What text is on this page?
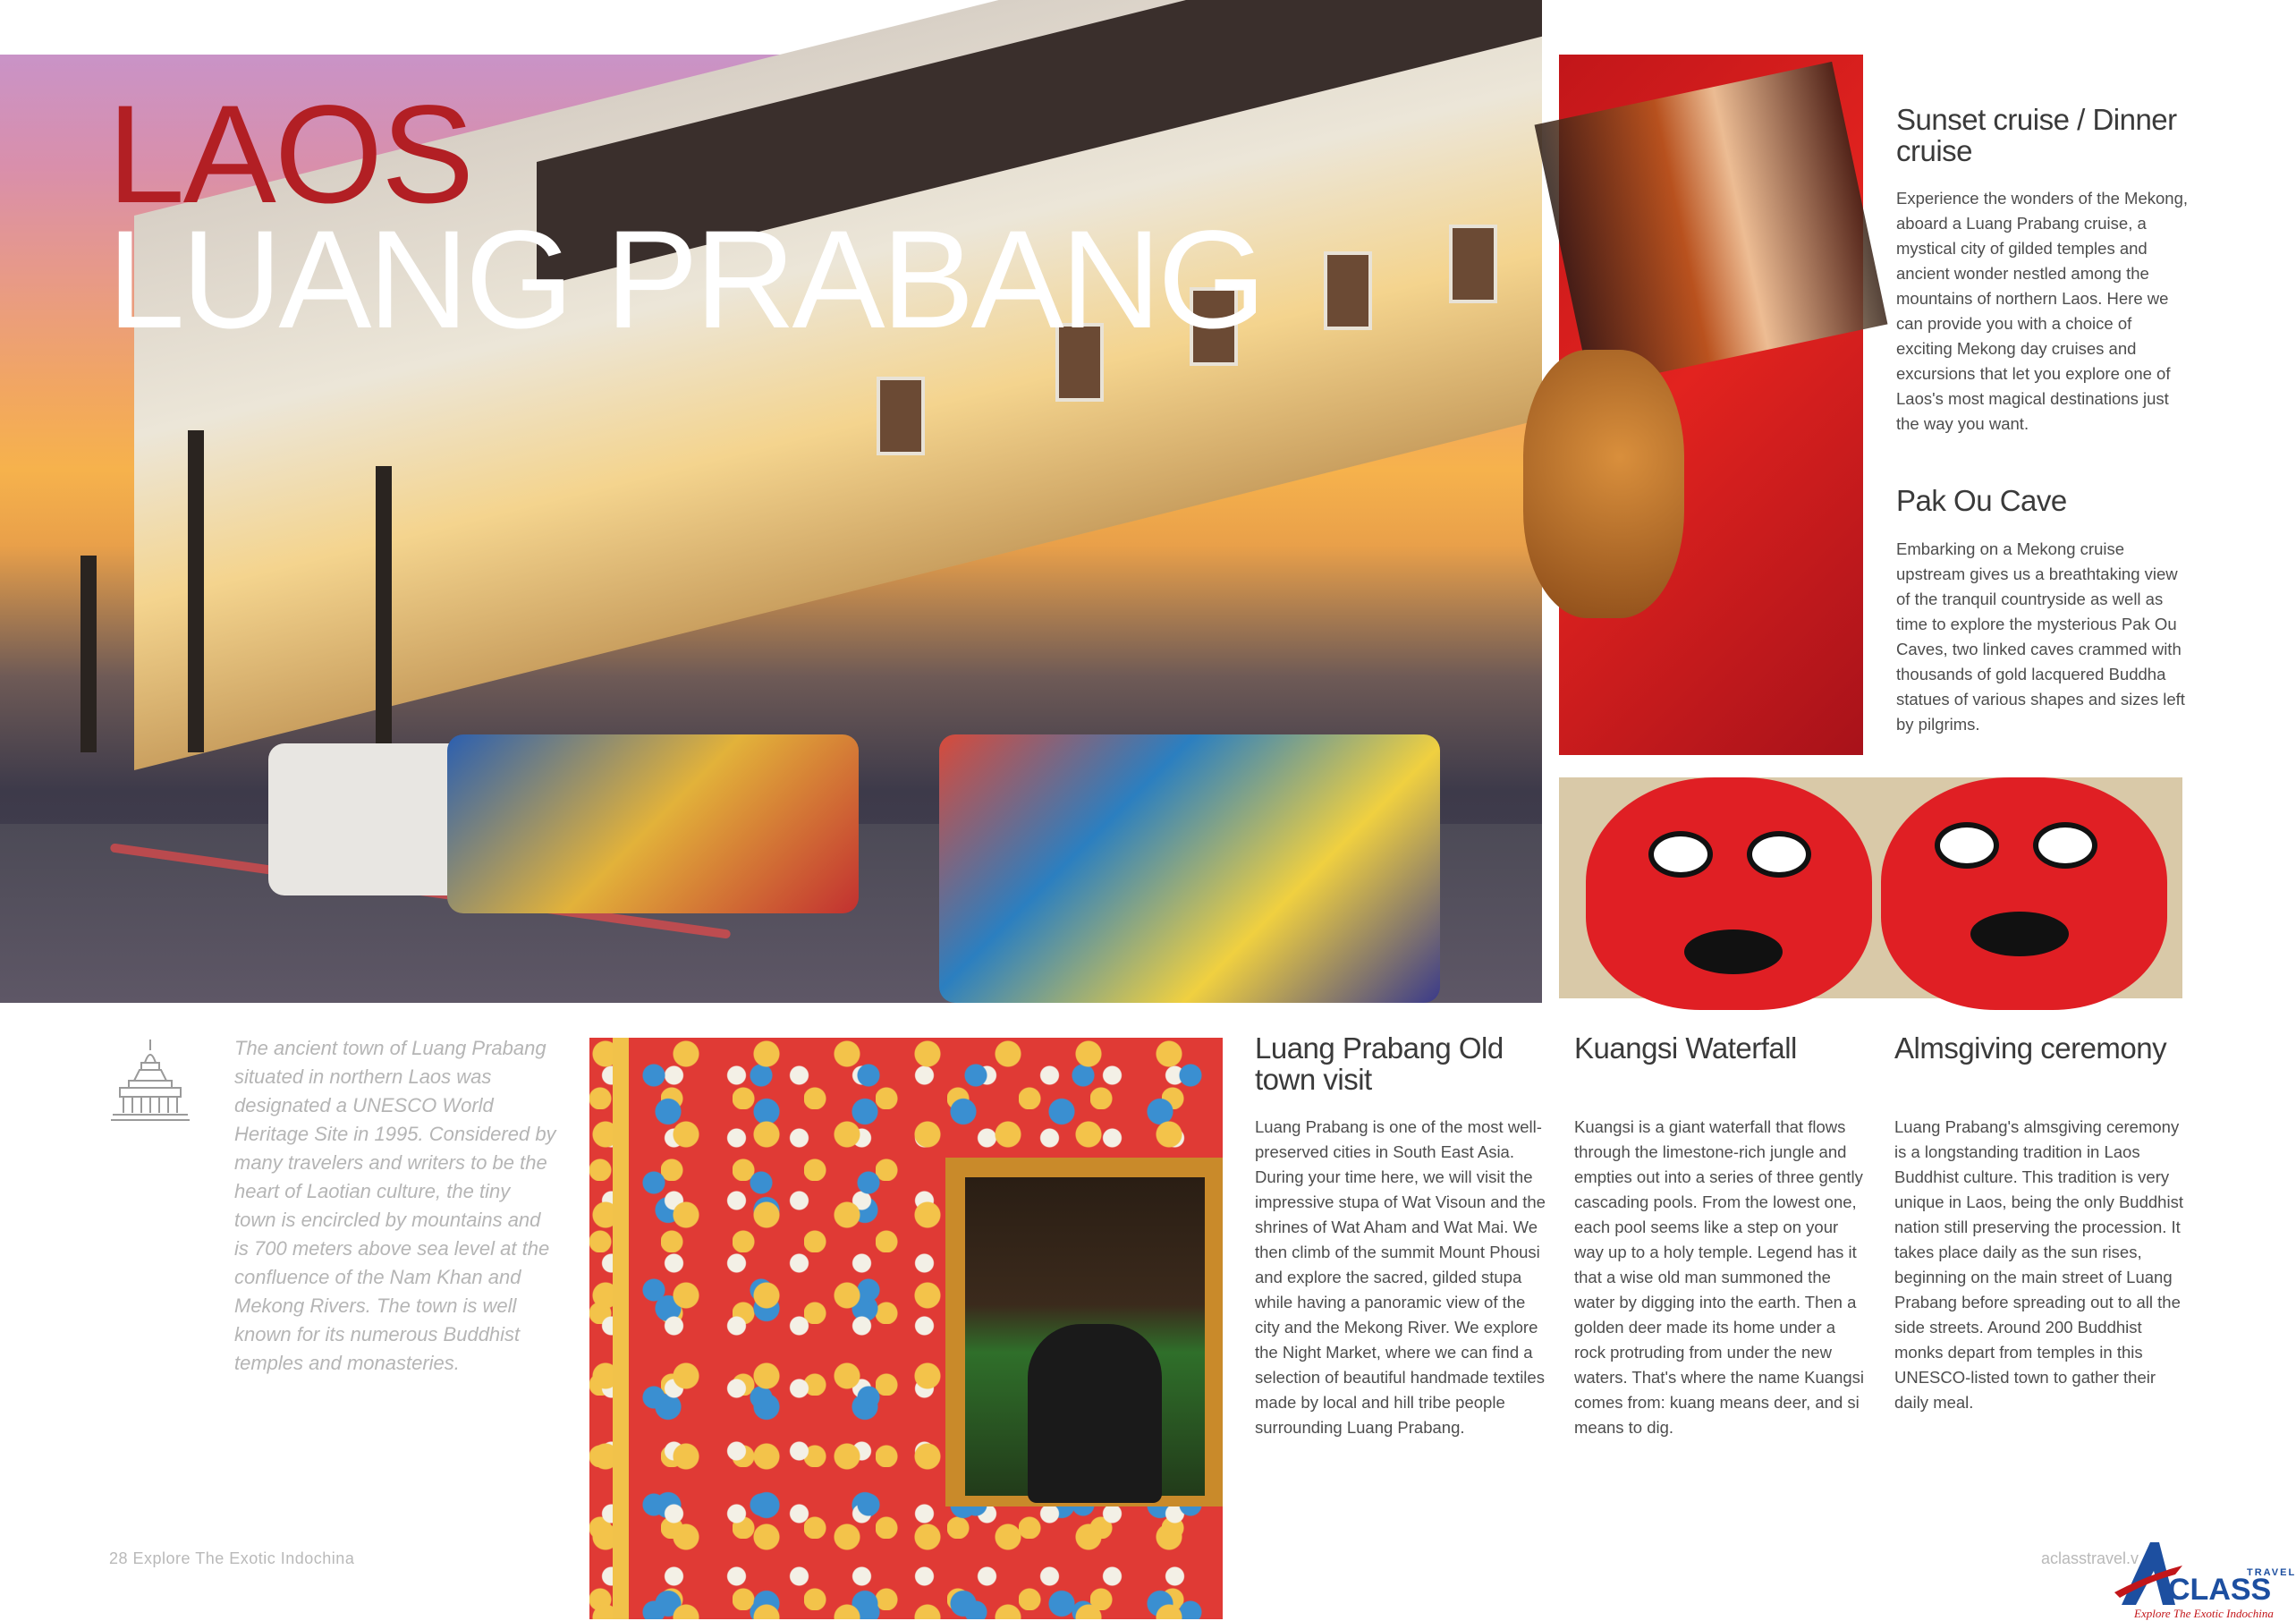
LAOS
LUANG PRABANG
Sunset cruise / Dinner cruise

Experience the wonders of the Mekong, aboard a Luang Prabang cruise, a mystical city of gilded temples and ancient wonder nestled among the mountains of northern Laos. Here we can provide you with a choice of exciting Mekong day cruises and excursions that let you explore one of Laos's most magical destinations just the way you want.

Pak Ou Cave

Embarking on a Mekong cruise upstream gives us a breathtaking view of the tranquil countryside as well as time to explore the mysterious Pak Ou Caves, two linked caves crammed with thousands of gold lacquered Buddha statues of various shapes and sizes left by pilgrims.

The ancient town of Luang Prabang situated in northern Laos was designated a UNESCO World Heritage Site in 1995. Considered by many travelers and writers to be the heart of Laotian culture, the tiny town is encircled by mountains and is 700 meters above sea level at the confluence of the Nam Khan and Mekong Rivers. The town is well known for its numerous Buddhist temples and monasteries.

Luang Prabang Old town visit

Luang Prabang is one of the most well-preserved cities in South East Asia. During your time here, we will visit the impressive stupa of Wat Visoun and the shrines of Wat Aham and Wat Mai. We then climb of the summit Mount Phousi and explore the sacred, gilded stupa while having a panoramic view of the city and the Mekong River. We explore the Night Market, where we can find a selection of beautiful handmade textiles made by local and hill tribe people surrounding Luang Prabang.

Kuangsi Waterfall

Kuangsi is a giant waterfall that flows through the limestone-rich jungle and empties out into a series of three gently cascading pools. From the lowest one, each pool seems like a step on your way up to a holy temple. Legend has it that a wise old man summoned the water by digging into the earth. Then a golden deer made its home under a rock protruding from under the new waters. That's where the name Kuangsi comes from: kuang means deer, and si means to dig.

Almsgiving ceremony

Luang Prabang's almsgiving ceremony is a longstanding tradition in Laos Buddhist culture. This tradition is very unique in Laos, being the only Buddhist nation still preserving the procession. It takes place daily as the sun rises, beginning on the main street of Luang Prabang before spreading out to all the side streets. Around 200 Buddhist monks depart from temples in this UNESCO-listed town to gather their daily meal.

28 Explore The Exotic Indochina	aclasstravel.v
TRAVEL
CLASS
Explore The Exotic Indochina
